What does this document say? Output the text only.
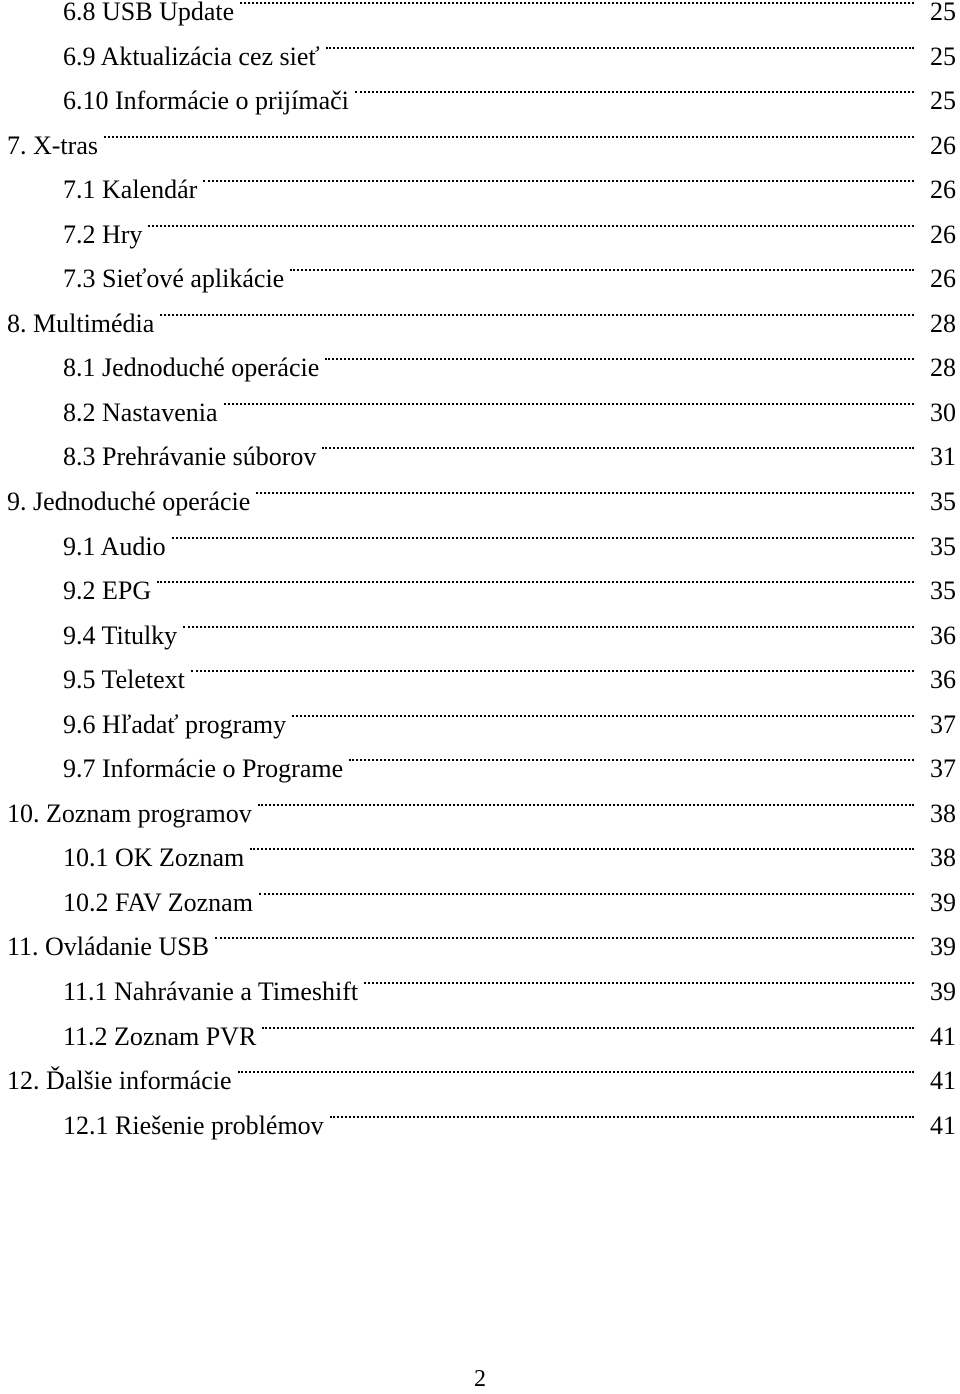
6.8 USB Update	25
6.9 Aktualizácia cez sieť	25
6.10 Informácie o prijímači	25
7. X-tras	26
7.1 Kalendár	26
7.2 Hry	26
7.3 Sieťové aplikácie	26
8. Multimédia	28
8.1 Jednoduché operácie	28
8.2 Nastavenia	30
8.3 Prehrávanie súborov	31
9. Jednoduché operácie	35
9.1 Audio	35
9.2 EPG	35
9.4 Titulky	36
9.5 Teletext	36
9.6 Hľadať programy	37
9.7 Informácie o Programe	37
10. Zoznam programov	38
10.1 OK Zoznam	38
10.2 FAV Zoznam	39
11. Ovládanie USB	39
11.1 Nahrávanie a Timeshift	39
11.2 Zoznam PVR	41
12. Ďalšie informácie	41
12.1 Riešenie problémov	41
2
